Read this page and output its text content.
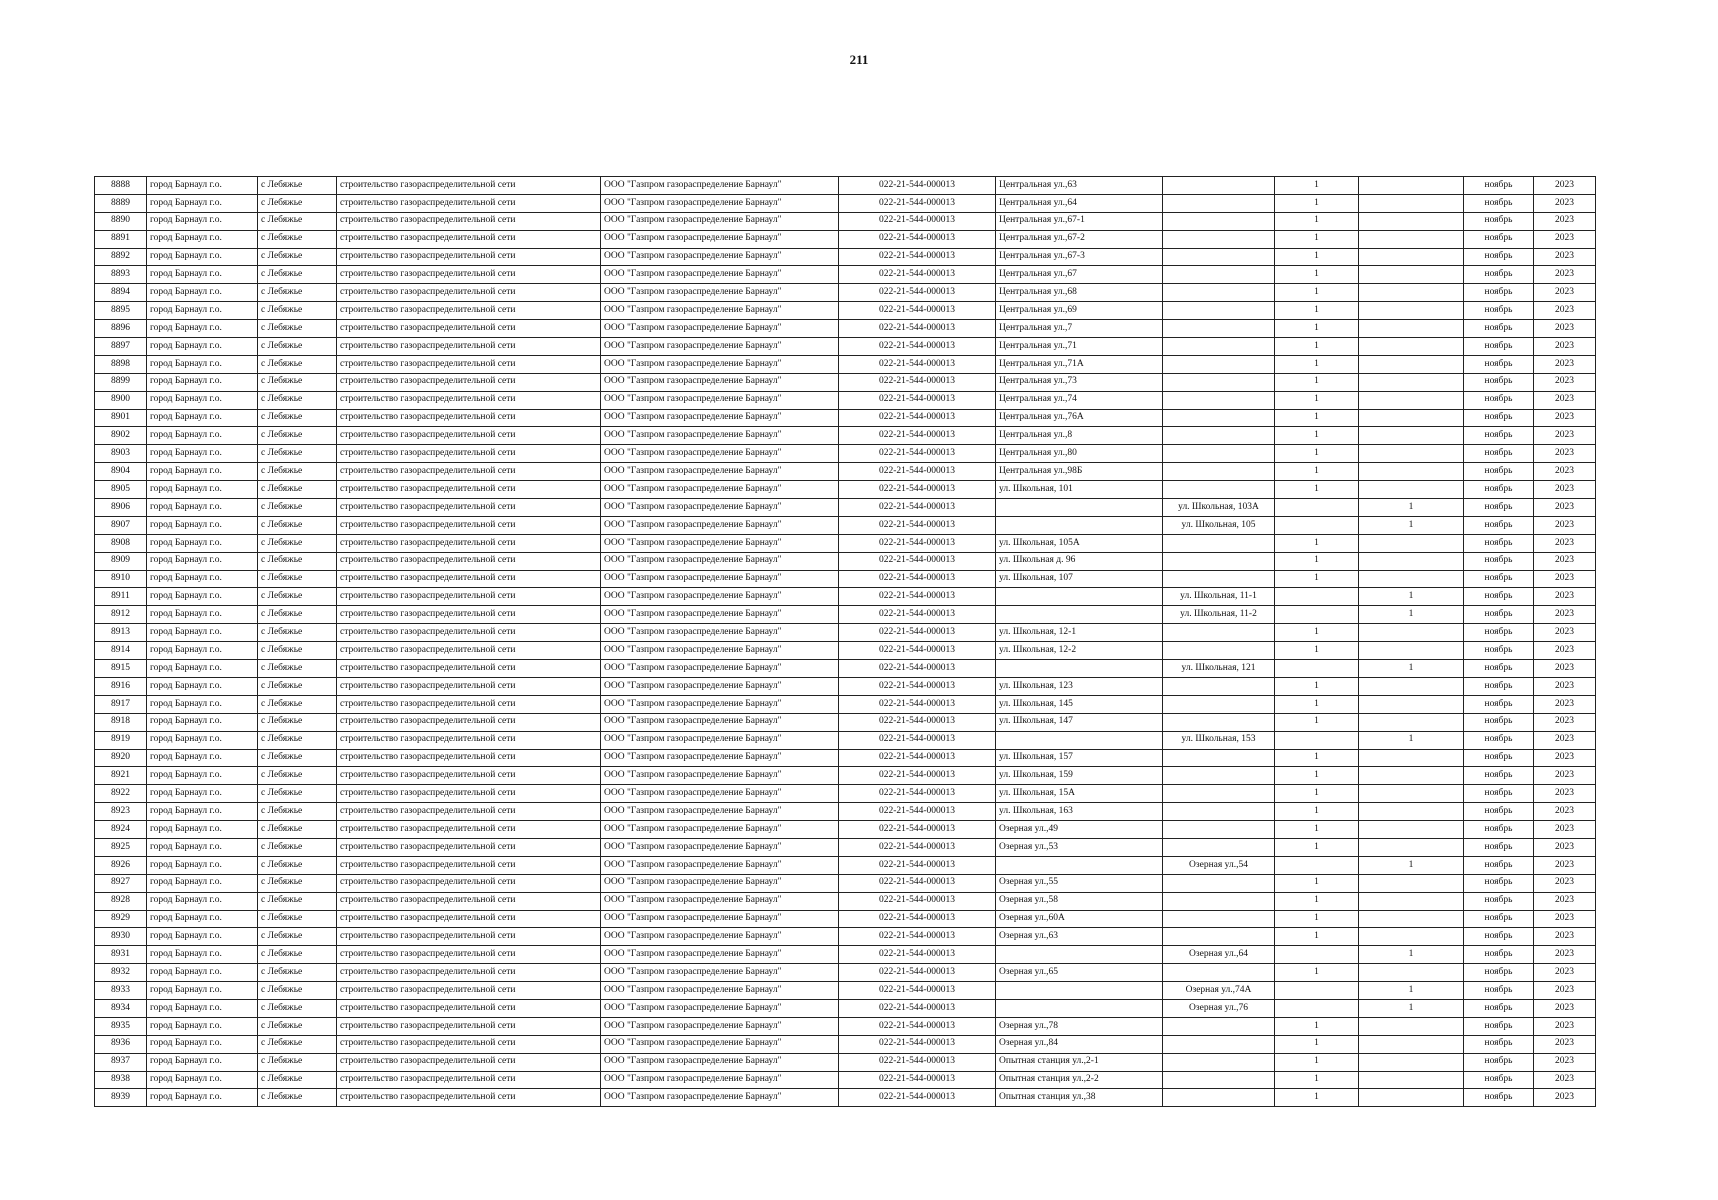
211
8888	город Барнаул г.о.	с Лебяжье	строительство газораспределительной сети	ООО "Газпром газораспределение Барнаул"	022-21-544-000013	Центральная ул.,63		1		ноябрь	2023
8889	город Барнаул г.о.	с Лебяжье	строительство газораспределительной сети	ООО "Газпром газораспределение Барнаул"	022-21-544-000013	Центральная ул.,64		1		ноябрь	2023
8890	город Барнаул г.о.	с Лебяжье	строительство газораспределительной сети	ООО "Газпром газораспределение Барнаул"	022-21-544-000013	Центральная ул.,67-1		1		ноябрь	2023
8891	город Барнаул г.о.	с Лебяжье	строительство газораспределительной сети	ООО "Газпром газораспределение Барнаул"	022-21-544-000013	Центральная ул.,67-2		1		ноябрь	2023
8892	город Барнаул г.о.	с Лебяжье	строительство газораспределительной сети	ООО "Газпром газораспределение Барнаул"	022-21-544-000013	Центральная ул.,67-3		1		ноябрь	2023
8893	город Барнаул г.о.	с Лебяжье	строительство газораспределительной сети	ООО "Газпром газораспределение Барнаул"	022-21-544-000013	Центральная ул.,67		1		ноябрь	2023
8894	город Барнаул г.о.	с Лебяжье	строительство газораспределительной сети	ООО "Газпром газораспределение Барнаул"	022-21-544-000013	Центральная ул.,68		1		ноябрь	2023
8895	город Барнаул г.о.	с Лебяжье	строительство газораспределительной сети	ООО "Газпром газораспределение Барнаул"	022-21-544-000013	Центральная ул.,69		1		ноябрь	2023
8896	город Барнаул г.о.	с Лебяжье	строительство газораспределительной сети	ООО "Газпром газораспределение Барнаул"	022-21-544-000013	Центральная ул.,7		1		ноябрь	2023
8897	город Барнаул г.о.	с Лебяжье	строительство газораспределительной сети	ООО "Газпром газораспределение Барнаул"	022-21-544-000013	Центральная ул.,71		1		ноябрь	2023
8898	город Барнаул г.о.	с Лебяжье	строительство газораспределительной сети	ООО "Газпром газораспределение Барнаул"	022-21-544-000013	Центральная ул.,71А		1		ноябрь	2023
8899	город Барнаул г.о.	с Лебяжье	строительство газораспределительной сети	ООО "Газпром газораспределение Барнаул"	022-21-544-000013	Центральная ул.,73		1		ноябрь	2023
8900	город Барнаул г.о.	с Лебяжье	строительство газораспределительной сети	ООО "Газпром газораспределение Барнаул"	022-21-544-000013	Центральная ул.,74		1		ноябрь	2023
8901	город Барнаул г.о.	с Лебяжье	строительство газораспределительной сети	ООО "Газпром газораспределение Барнаул"	022-21-544-000013	Центральная ул.,76А		1		ноябрь	2023
8902	город Барнаул г.о.	с Лебяжье	строительство газораспределительной сети	ООО "Газпром газораспределение Барнаул"	022-21-544-000013	Центральная ул.,8		1		ноябрь	2023
8903	город Барнаул г.о.	с Лебяжье	строительство газораспределительной сети	ООО "Газпром газораспределение Барнаул"	022-21-544-000013	Центральная ул.,80		1		ноябрь	2023
8904	город Барнаул г.о.	с Лебяжье	строительство газораспределительной сети	ООО "Газпром газораспределение Барнаул"	022-21-544-000013	Центральная ул.,98Б		1		ноябрь	2023
8905	город Барнаул г.о.	с Лебяжье	строительство газораспределительной сети	ООО "Газпром газораспределение Барнаул"	022-21-544-000013	ул. Школьная, 101		1		ноябрь	2023
8906	город Барнаул г.о.	с Лебяжье	строительство газораспределительной сети	ООО "Газпром газораспределение Барнаул"	022-21-544-000013		ул. Школьная, 103А		1	ноябрь	2023
8907	город Барнаул г.о.	с Лебяжье	строительство газораспределительной сети	ООО "Газпром газораспределение Барнаул"	022-21-544-000013		ул. Школьная, 105		1	ноябрь	2023
8908	город Барнаул г.о.	с Лебяжье	строительство газораспределительной сети	ООО "Газпром газораспределение Барнаул"	022-21-544-000013	ул. Школьная, 105А		1		ноябрь	2023
8909	город Барнаул г.о.	с Лебяжье	строительство газораспределительной сети	ООО "Газпром газораспределение Барнаул"	022-21-544-000013	ул. Школьная д. 96		1		ноябрь	2023
8910	город Барнаул г.о.	с Лебяжье	строительство газораспределительной сети	ООО "Газпром газораспределение Барнаул"	022-21-544-000013	ул. Школьная, 107		1		ноябрь	2023
8911	город Барнаул г.о.	с Лебяжье	строительство газораспределительной сети	ООО "Газпром газораспределение Барнаул"	022-21-544-000013		ул. Школьная, 11-1		1	ноябрь	2023
8912	город Барнаул г.о.	с Лебяжье	строительство газораспределительной сети	ООО "Газпром газораспределение Барнаул"	022-21-544-000013		ул. Школьная, 11-2		1	ноябрь	2023
8913	город Барнаул г.о.	с Лебяжье	строительство газораспределительной сети	ООО "Газпром газораспределение Барнаул"	022-21-544-000013	ул. Школьная, 12-1		1		ноябрь	2023
8914	город Барнаул г.о.	с Лебяжье	строительство газораспределительной сети	ООО "Газпром газораспределение Барнаул"	022-21-544-000013	ул. Школьная, 12-2		1		ноябрь	2023
8915	город Барнаул г.о.	с Лебяжье	строительство газораспределительной сети	ООО "Газпром газораспределение Барнаул"	022-21-544-000013		ул. Школьная, 121		1	ноябрь	2023
8916	город Барнаул г.о.	с Лебяжье	строительство газораспределительной сети	ООО "Газпром газораспределение Барнаул"	022-21-544-000013	ул. Школьная, 123		1		ноябрь	2023
8917	город Барнаул г.о.	с Лебяжье	строительство газораспределительной сети	ООО "Газпром газораспределение Барнаул"	022-21-544-000013	ул. Школьная, 145		1		ноябрь	2023
8918	город Барнаул г.о.	с Лебяжье	строительство газораспределительной сети	ООО "Газпром газораспределение Барнаул"	022-21-544-000013	ул. Школьная, 147		1		ноябрь	2023
8919	город Барнаул г.о.	с Лебяжье	строительство газораспределительной сети	ООО "Газпром газораспределение Барнаул"	022-21-544-000013		ул. Школьная, 153		1	ноябрь	2023
8920	город Барнаул г.о.	с Лебяжье	строительство газораспределительной сети	ООО "Газпром газораспределение Барнаул"	022-21-544-000013	ул. Школьная, 157		1		ноябрь	2023
8921	город Барнаул г.о.	с Лебяжье	строительство газораспределительной сети	ООО "Газпром газораспределение Барнаул"	022-21-544-000013	ул. Школьная, 159		1		ноябрь	2023
8922	город Барнаул г.о.	с Лебяжье	строительство газораспределительной сети	ООО "Газпром газораспределение Барнаул"	022-21-544-000013	ул. Школьная, 15А		1		ноябрь	2023
8923	город Барнаул г.о.	с Лебяжье	строительство газораспределительной сети	ООО "Газпром газораспределение Барнаул"	022-21-544-000013	ул. Школьная, 163		1		ноябрь	2023
8924	город Барнаул г.о.	с Лебяжье	строительство газораспределительной сети	ООО "Газпром газораспределение Барнаул"	022-21-544-000013	Озерная ул.,49		1		ноябрь	2023
8925	город Барнаул г.о.	с Лебяжье	строительство газораспределительной сети	ООО "Газпром газораспределение Барнаул"	022-21-544-000013	Озерная ул.,53		1		ноябрь	2023
8926	город Барнаул г.о.	с Лебяжье	строительство газораспределительной сети	ООО "Газпром газораспределение Барнаул"	022-21-544-000013		Озерная ул.,54		1	ноябрь	2023
8927	город Барнаул г.о.	с Лебяжье	строительство газораспределительной сети	ООО "Газпром газораспределение Барнаул"	022-21-544-000013	Озерная ул.,55		1		ноябрь	2023
8928	город Барнаул г.о.	с Лебяжье	строительство газораспределительной сети	ООО "Газпром газораспределение Барнаул"	022-21-544-000013	Озерная ул.,58		1		ноябрь	2023
8929	город Барнаул г.о.	с Лебяжье	строительство газораспределительной сети	ООО "Газпром газораспределение Барнаул"	022-21-544-000013	Озерная ул.,60А		1		ноябрь	2023
8930	город Барнаул г.о.	с Лебяжье	строительство газораспределительной сети	ООО "Газпром газораспределение Барнаул"	022-21-544-000013	Озерная ул.,63		1		ноябрь	2023
8931	город Барнаул г.о.	с Лебяжье	строительство газораспределительной сети	ООО "Газпром газораспределение Барнаул"	022-21-544-000013		Озерная ул.,64		1	ноябрь	2023
8932	город Барнаул г.о.	с Лебяжье	строительство газораспределительной сети	ООО "Газпром газораспределение Барнаул"	022-21-544-000013	Озерная ул.,65		1		ноябрь	2023
8933	город Барнаул г.о.	с Лебяжье	строительство газораспределительной сети	ООО "Газпром газораспределение Барнаул"	022-21-544-000013		Озерная ул.,74А		1	ноябрь	2023
8934	город Барнаул г.о.	с Лебяжье	строительство газораспределительной сети	ООО "Газпром газораспределение Барнаул"	022-21-544-000013		Озерная ул.,76		1	ноябрь	2023
8935	город Барнаул г.о.	с Лебяжье	строительство газораспределительной сети	ООО "Газпром газораспределение Барнаул"	022-21-544-000013	Озерная ул.,78		1		ноябрь	2023
8936	город Барнаул г.о.	с Лебяжье	строительство газораспределительной сети	ООО "Газпром газораспределение Барнаул"	022-21-544-000013	Озерная ул.,84		1		ноябрь	2023
8937	город Барнаул г.о.	с Лебяжье	строительство газораспределительной сети	ООО "Газпром газораспределение Барнаул"	022-21-544-000013	Опытная станция ул.,2-1		1		ноябрь	2023
8938	город Барнаул г.о.	с Лебяжье	строительство газораспределительной сети	ООО "Газпром газораспределение Барнаул"	022-21-544-000013	Опытная станция ул.,2-2		1		ноябрь	2023
8939	город Барнаул г.о.	с Лебяжье	строительство газораспределительной сети	ООО "Газпром газораспределение Барнаул"	022-21-544-000013	Опытная станция ул.,38		1		ноябрь	2023
